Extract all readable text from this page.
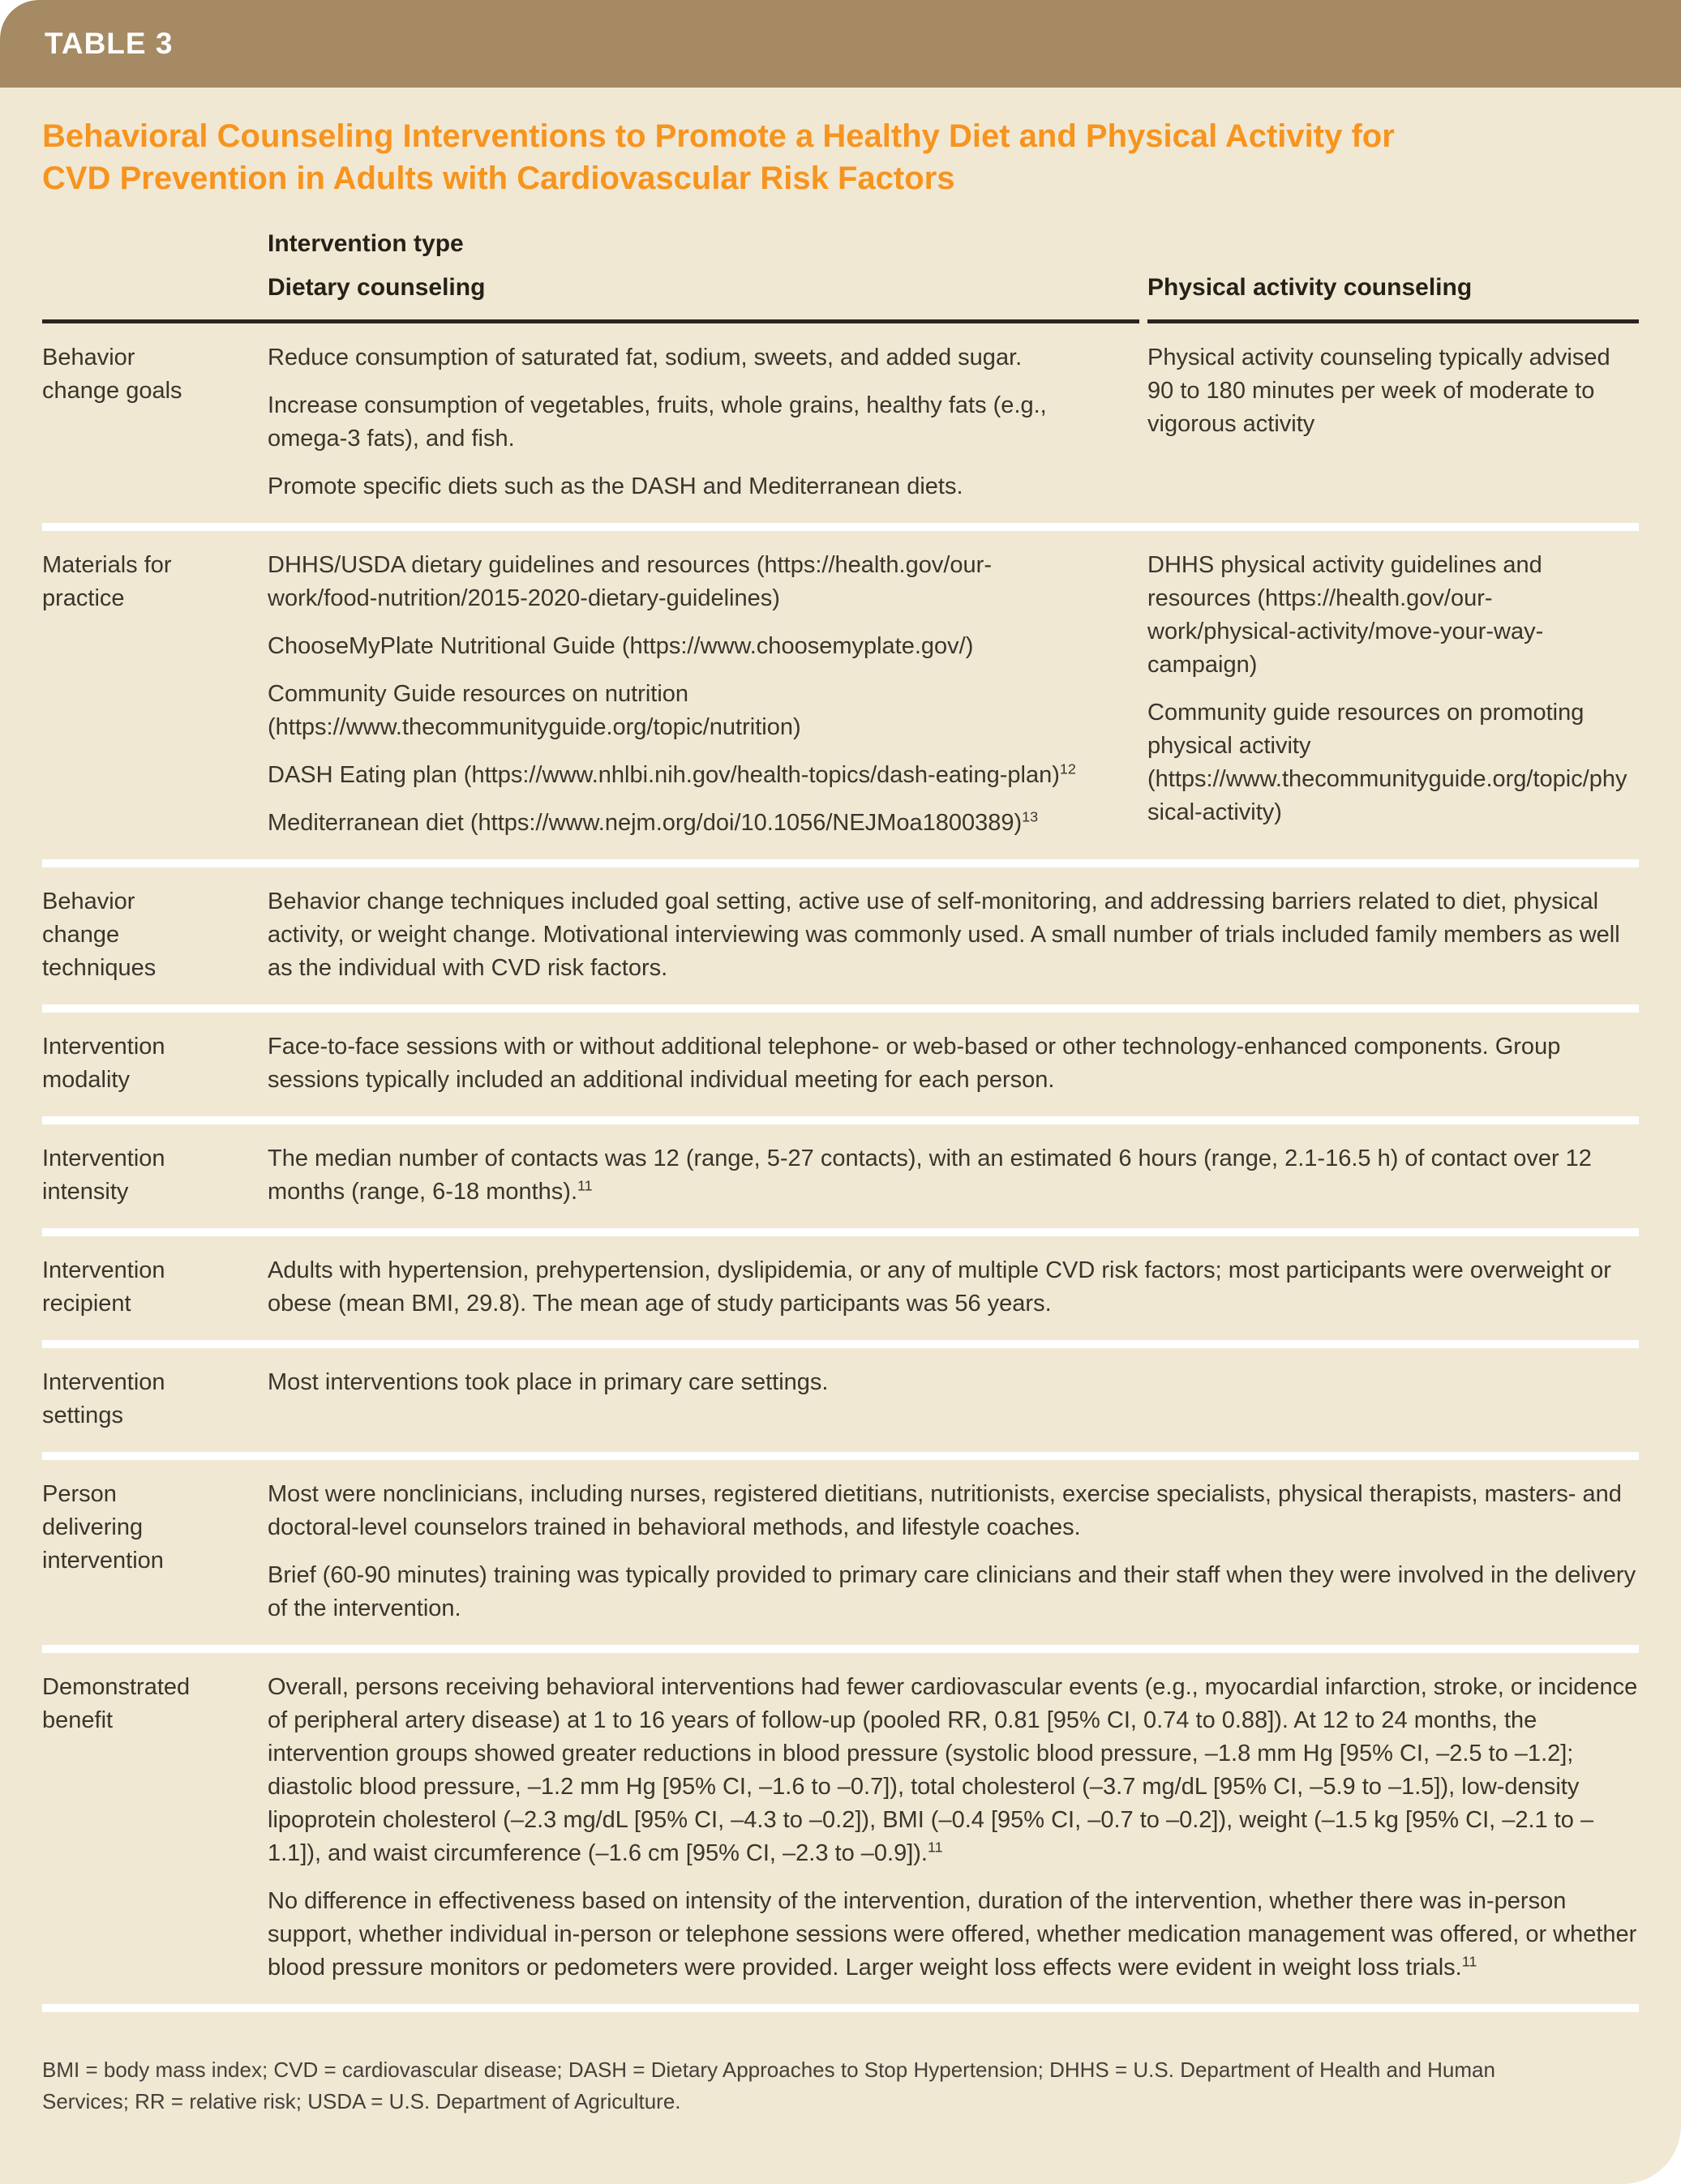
TABLE 3
Behavioral Counseling Interventions to Promote a Healthy Diet and Physical Activity for CVD Prevention in Adults with Cardiovascular Risk Factors
Intervention type
Dietary counseling	Physical activity counseling
Behavior change goals

Reduce consumption of saturated fat, sodium, sweets, and added sugar.

Increase consumption of vegetables, fruits, whole grains, healthy fats (e.g., omega-3 fats), and fish.

Promote specific diets such as the DASH and Mediterranean diets.

Physical activity counseling typically advised 90 to 180 minutes per week of moderate to vigorous activity

Materials for practice

DHHS/USDA dietary guidelines and resources (https://health.gov/our-work/food-nutrition/2015-2020-dietary-guidelines)

ChooseMyPlate Nutritional Guide (https://www.choosemyplate.gov/)

Community Guide resources on nutrition (https://www.thecommunityguide.org/topic/nutrition)

DASH Eating plan (https://www.nhlbi.nih.gov/health-topics/dash-eating-plan)$^{12}$

Mediterranean diet (https://www.nejm.org/doi/10.1056/NEJMoa1800389)$^{13}$

DHHS physical activity guidelines and resources (https://health.gov/our-work/physical-activity/move-your-way-campaign)

Community guide resources on promoting physical activity (https://www.thecommunityguide.org/topic/physical-activity)

Behavior change techniques

Behavior change techniques included goal setting, active use of self-monitoring, and addressing barriers related to diet, physical activity, or weight change. Motivational interviewing was commonly used. A small number of trials included family members as well as the individual with CVD risk factors.

Intervention modality

Face-to-face sessions with or without additional telephone- or web-based or other technology-enhanced components. Group sessions typically included an additional individual meeting for each person.

Intervention intensity

The median number of contacts was 12 (range, 5-27 contacts), with an estimated 6 hours (range, 2.1-16.5 h) of contact over 12 months (range, 6-18 months).$^{11}$

Intervention recipient

Adults with hypertension, prehypertension, dyslipidemia, or any of multiple CVD risk factors; most participants were overweight or obese (mean BMI, 29.8). The mean age of study participants was 56 years.

Intervention settings

Most interventions took place in primary care settings.

Person delivering intervention

Most were nonclinicians, including nurses, registered dietitians, nutritionists, exercise specialists, physical therapists, masters- and doctoral-level counselors trained in behavioral methods, and lifestyle coaches.

Brief (60-90 minutes) training was typically provided to primary care clinicians and their staff when they were involved in the delivery of the intervention.

Demonstrated benefit

Overall, persons receiving behavioral interventions had fewer cardiovascular events (e.g., myocardial infarction, stroke, or incidence of peripheral artery disease) at 1 to 16 years of follow-up (pooled RR, 0.81 [95% CI, 0.74 to 0.88]). At 12 to 24 months, the intervention groups showed greater reductions in blood pressure (systolic blood pressure, –1.8 mm Hg [95% CI, –2.5 to –1.2]; diastolic blood pressure, –1.2 mm Hg [95% CI, –1.6 to –0.7]), total cholesterol (–3.7 mg/dL [95% CI, –5.9 to –1.5]), low-density lipoprotein cholesterol (–2.3 mg/dL [95% CI, –4.3 to –0.2]), BMI (–0.4 [95% CI, –0.7 to –0.2]), weight (–1.5 kg [95% CI, –2.1 to –1.1]), and waist circumference (–1.6 cm [95% CI, –2.3 to –0.9]).$^{11}$

No difference in effectiveness based on intensity of the intervention, duration of the intervention, whether there was in-person support, whether individual in-person or telephone sessions were offered, whether medication management was offered, or whether blood pressure monitors or pedometers were provided. Larger weight loss effects were evident in weight loss trials.$^{11}$

BMI = body mass index; CVD = cardiovascular disease; DASH = Dietary Approaches to Stop Hypertension; DHHS = U.S. Department of Health and Human Services; RR = relative risk; USDA = U.S. Department of Agriculture.
